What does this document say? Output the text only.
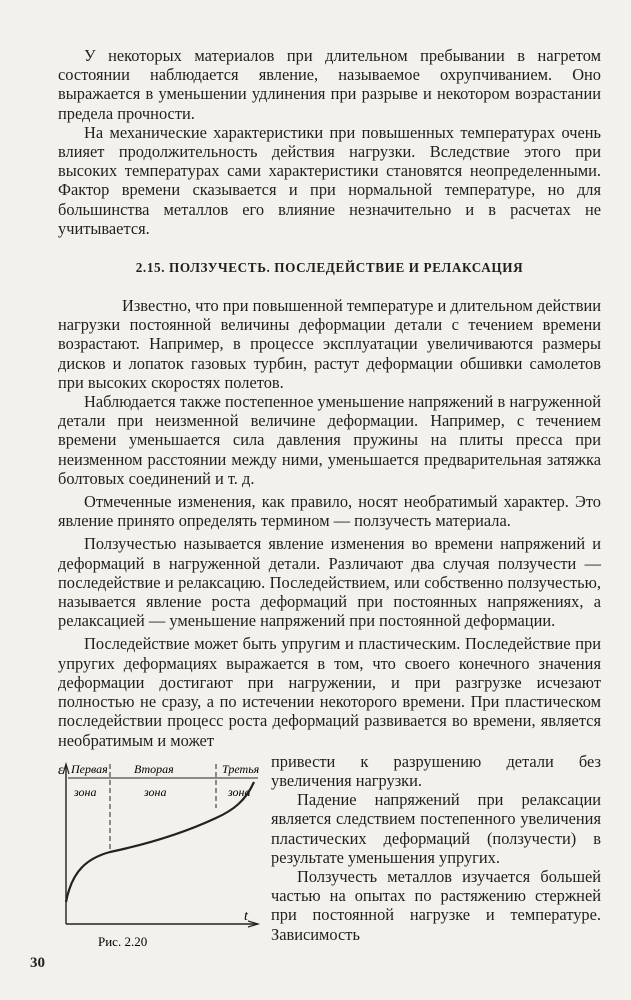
У некоторых материалов при длительном пребывании в нагретом состоянии наблюдается явление, называемое охрупчиванием. Оно выражается в уменьшении удлинения при разрыве и некотором возрастании предела прочности.

На механические характеристики при повышенных температурах очень влияет продолжительность действия нагрузки. Вследствие этого при высоких температурах сами характеристики становятся неопределенными. Фактор времени сказывается и при нормальной температуре, но для большинства металлов его влияние незначительно и в расчетах не учитывается.

2.15. ПОЛЗУЧЕСТЬ. ПОСЛЕДЕЙСТВИЕ И РЕЛАКСАЦИЯ

Известно, что при повышенной температуре и длительном действии нагрузки постоянной величины деформации детали с течением времени возрастают. Например, в процессе эксплуатации увеличиваются размеры дисков и лопаток газовых турбин, растут деформации обшивки самолетов при высоких скоростях полетов.

Наблюдается также постепенное уменьшение напряжений в нагруженной детали при неизменной величине деформации. Например, с течением времени уменьшается сила давления пружины на плиты пресса при неизменном расстоянии между ними, уменьшается предварительная затяжка болтовых соединений и т. д.

Отмеченные изменения, как правило, носят необратимый характер. Это явление принято определять термином — ползучесть материала.

Ползучестью называется явление изменения во времени напряжений и деформаций в нагруженной детали. Различают два случая ползучести — последействие и релаксацию. Последействием, или собственно ползучестью, называется явление роста деформаций при постоянных напряжениях, а релаксацией — уменьшение напряжений при постоянной деформации.

Последействие может быть упругим и пластическим. Последействие при упругих деформациях выражается в том, что своего конечного значения деформации достигают при нагружении, и при разгрузке исчезают полностью не сразу, а по истечении некоторого времени. При пластическом последействии процесс роста деформаций развивается во времени, является необратимым и может

ε
t
Первая Вторая	Третья
зона	зона	зона
Рис. 2.20

привести к разрушению детали без увеличения нагрузки.

Падение напряжений при релаксации является следствием постепенного увеличения пластических деформаций (ползучести) в результате уменьшения упругих.

Ползучесть металлов изучается большей частью на опытах по растяжению стержней при постоянной нагрузке и температуре. Зависимость

30
